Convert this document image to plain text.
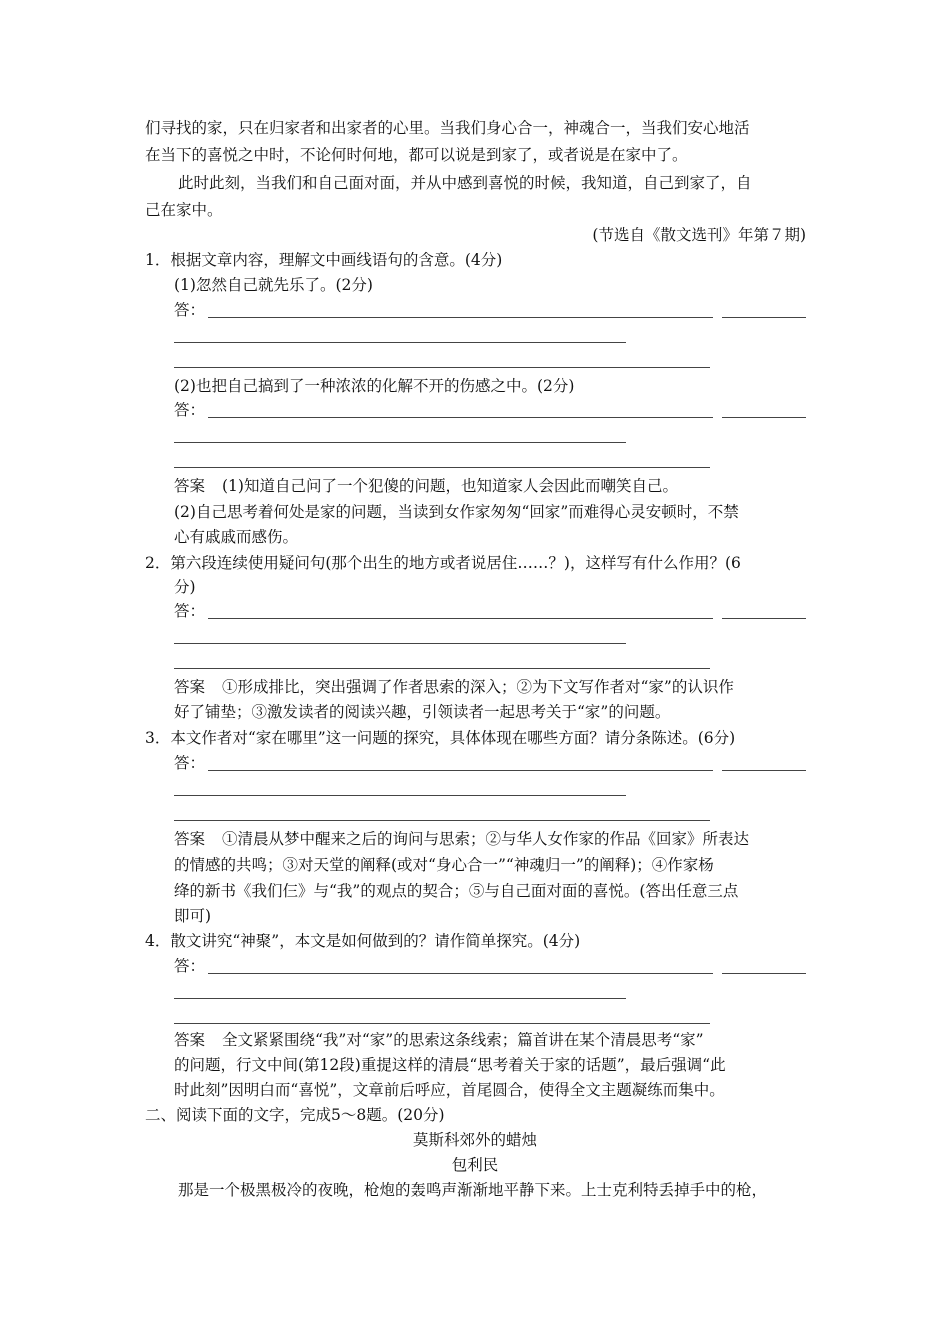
们寻找的家，只在归家者和出家者的心里。当我们身心合一，神魂合一，当我们安心地活
在当下的喜悦之中时，不论何时何地，都可以说是到家了，或者说是在家中了。
此时此刻，当我们和自己面对面，并从中感到喜悦的时候，我知道，自己到家了，自
己在家中。
(节选自《散文选刊》年第７期)
1．根据文章内容，理解文中画线语句的含意。(4分)
(1)忽然自己就先乐了。(2分)
答：
(2)也把自己搞到了一种浓浓的化解不开的伤感之中。(2分)
答：
答案 (1)知道自己问了一个犯傻的问题，也知道家人会因此而嘲笑自己。
(2)自己思考着何处是家的问题，当读到女作家匆匆“回家”而难得心灵安顿时，不禁
心有戚戚而感伤。
2．第六段连续使用疑问句(那个出生的地方或者说居住……？)，这样写有什么作用？(6
分)
答：
答案 ①形成排比，突出强调了作者思索的深入；②为下文写作者对“家”的认识作
好了铺垫；③激发读者的阅读兴趣，引领读者一起思考关于“家”的问题。
3．本文作者对“家在哪里”这一问题的探究，具体体现在哪些方面？请分条陈述。(6分)
答：
答案 ①清晨从梦中醒来之后的询问与思索；②与华人女作家的作品《回家》所表达
的情感的共鸣；③对天堂的阐释(或对“身心合一”“神魂归一”的阐释)；④作家杨
绛的新书《我们仨》与“我”的观点的契合；⑤与自己面对面的喜悦。(答出任意三点
即可)
4．散文讲究“神聚”，本文是如何做到的？请作简单探究。(4分)
答：
答案 全文紧紧围绕“我”对“家”的思索这条线索；篇首讲在某个清晨思考“家”
的问题，行文中间(第12段)重提这样的清晨“思考着关于家的话题”，最后强调“此
时此刻”因明白而“喜悦”，文章前后呼应，首尾圆合，使得全文主题凝练而集中。
二、阅读下面的文字，完成5～8题。(20分)
莫斯科郊外的蜡烛
包利民
那是一个极黑极冷的夜晚，枪炮的轰鸣声渐渐地平静下来。上士克利特丢掉手中的枪，
